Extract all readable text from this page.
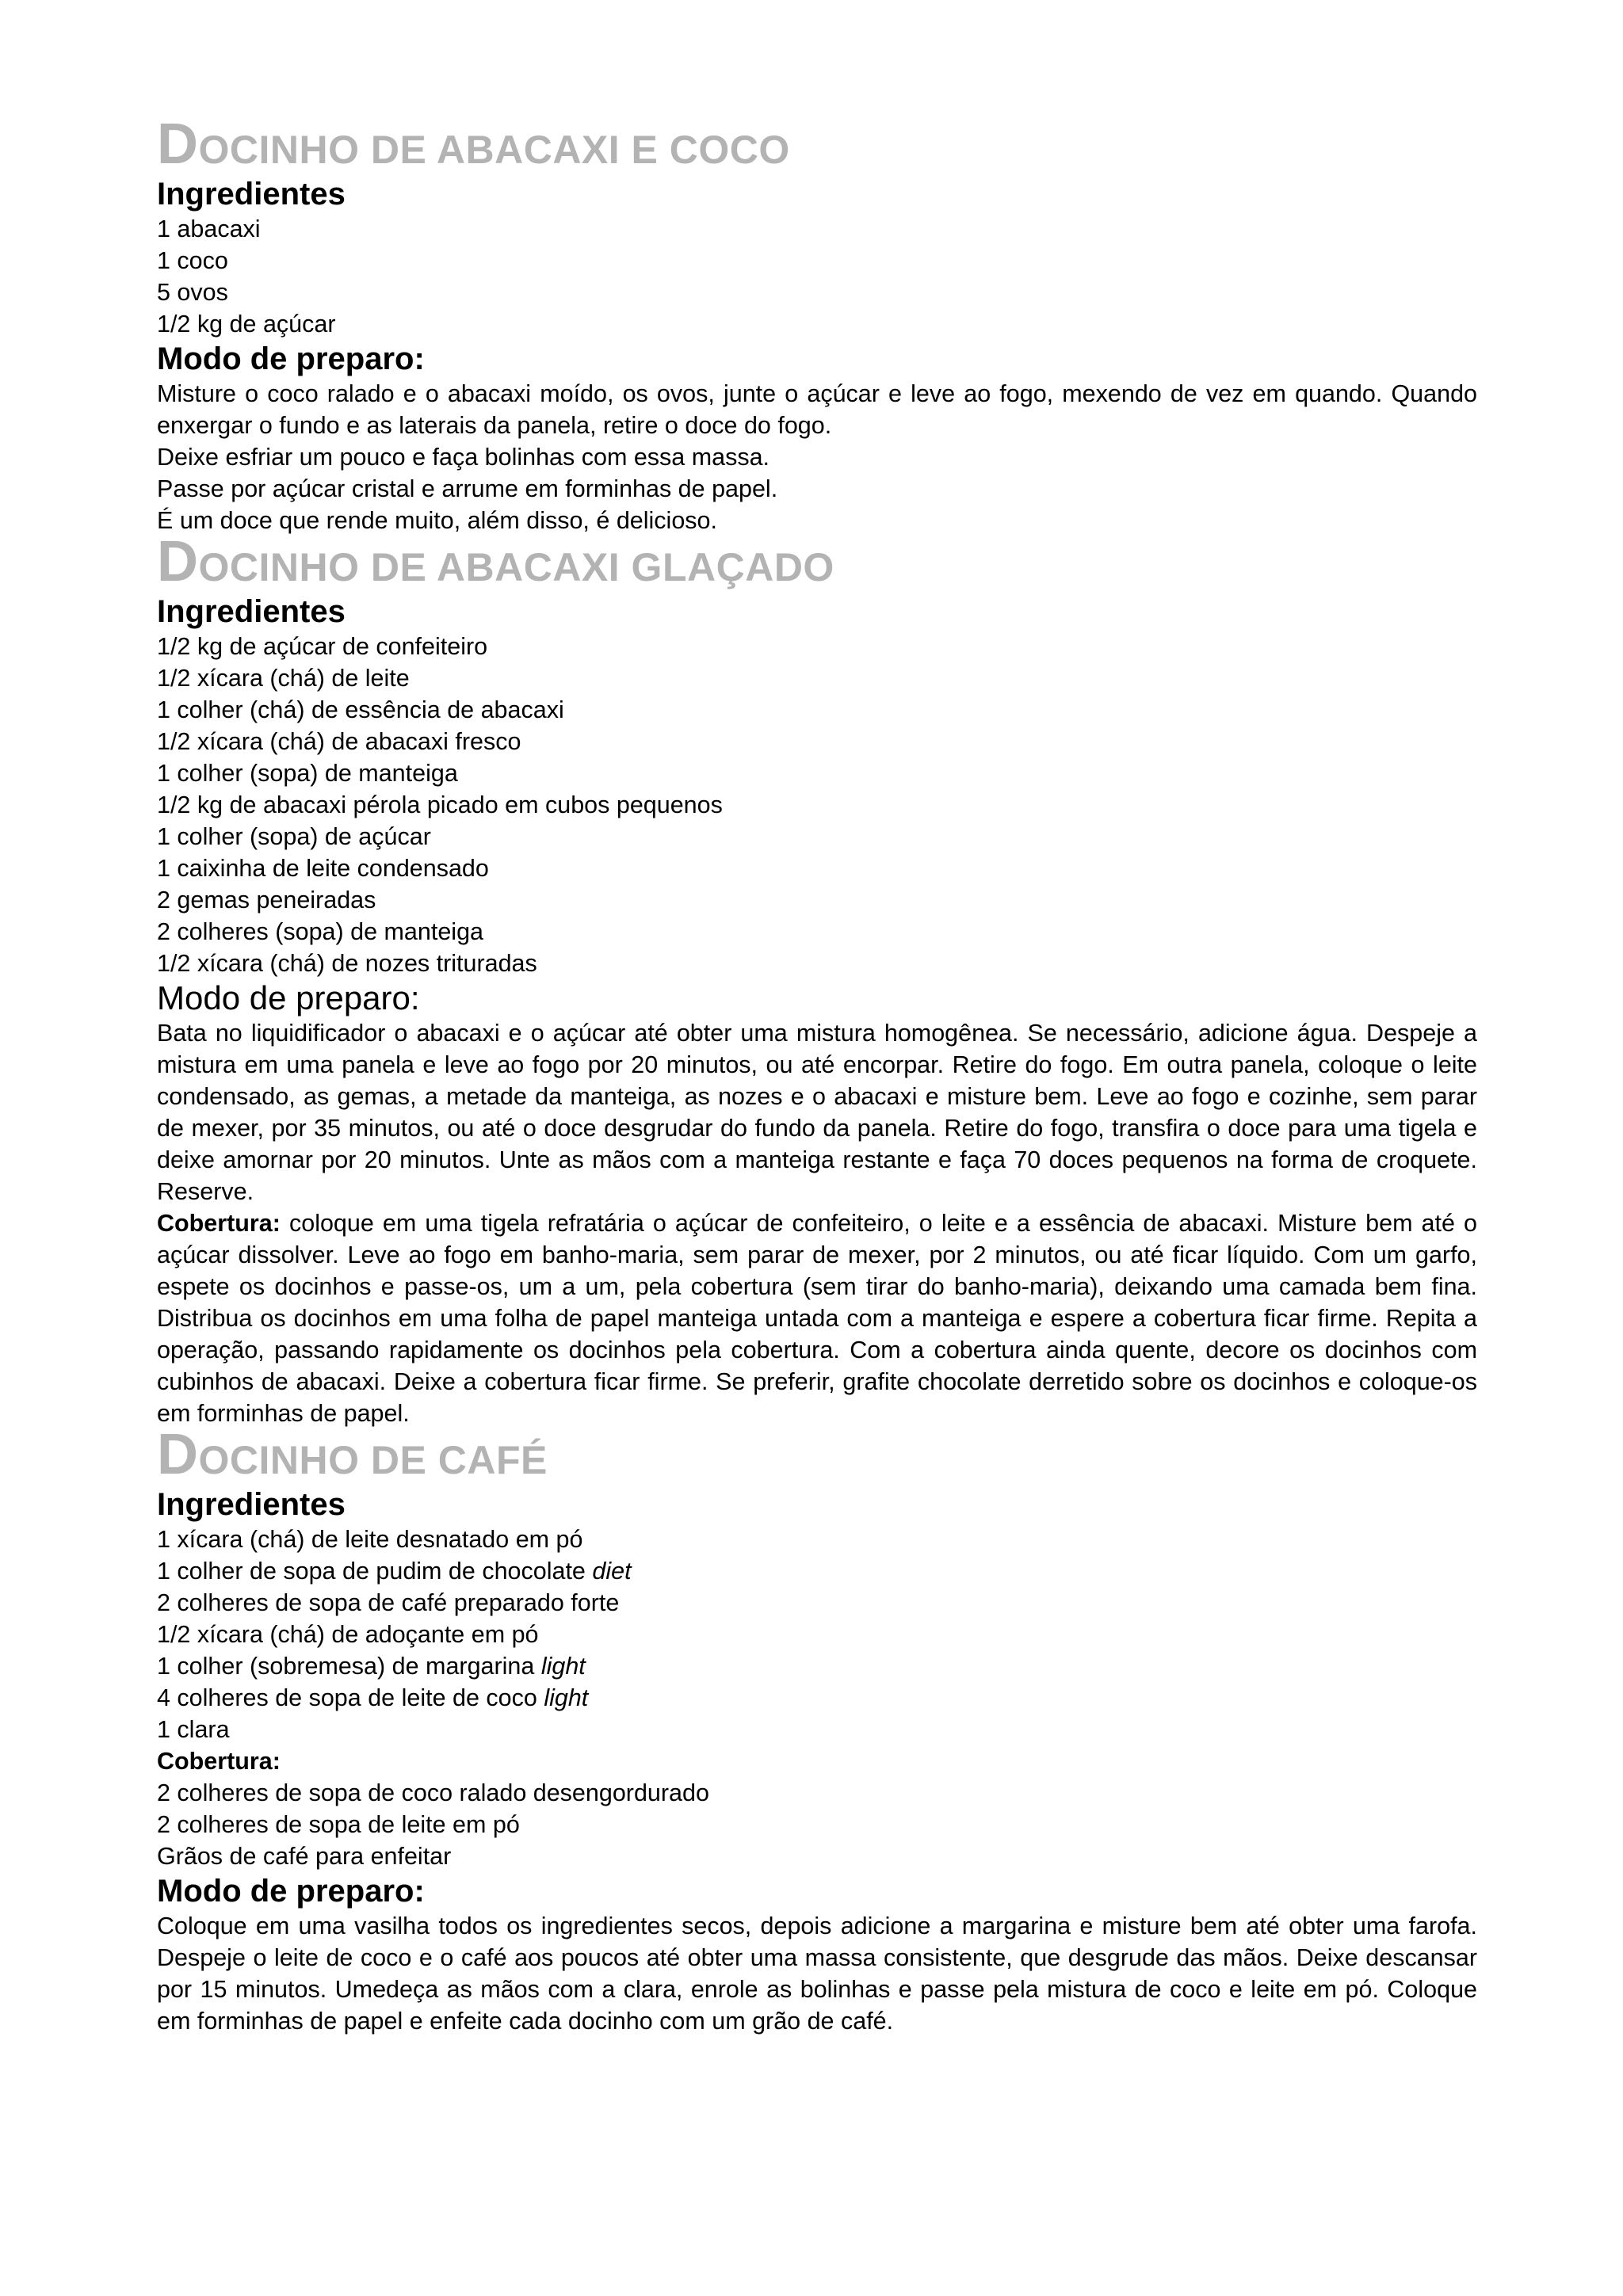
DOCINHO DE ABACAXI E COCO
Ingredientes

1 abacaxi

1 coco

5 ovos

1/2 kg de açúcar

Modo de preparo:

Misture o coco ralado e o abacaxi moído, os ovos, junte o açúcar e leve ao fogo, mexendo de vez em quando. Quando enxergar o fundo e as laterais da panela, retire o doce do fogo.

Deixe esfriar um pouco e faça bolinhas com essa massa.

Passe por açúcar cristal e arrume em forminhas de papel.

É um doce que rende muito, além disso, é delicioso.

DOCINHO DE ABACAXI GLAÇADO
Ingredientes

1/2 kg de açúcar de confeiteiro

1/2 xícara (chá) de leite

1 colher (chá) de essência de abacaxi

1/2 xícara (chá) de abacaxi fresco

1 colher (sopa) de manteiga

1/2 kg de abacaxi pérola picado em cubos pequenos

1 colher (sopa) de açúcar

1 caixinha de leite condensado

2 gemas peneiradas

2 colheres (sopa) de manteiga

1/2 xícara (chá) de nozes trituradas

Modo de preparo:

Bata no liquidificador o abacaxi e o açúcar até obter uma mistura homogênea. Se necessário, adicione água. Despeje a mistura em uma panela e leve ao fogo por 20 minutos, ou até encorpar. Retire do fogo. Em outra panela, coloque o leite condensado, as gemas, a metade da manteiga, as nozes e o abacaxi e misture bem. Leve ao fogo e cozinhe, sem parar de mexer, por 35 minutos, ou até o doce desgrudar do fundo da panela. Retire do fogo, transfira o doce para uma tigela e deixe amornar por 20 minutos. Unte as mãos com a manteiga restante e faça 70 doces pequenos na forma de croquete. Reserve.

Cobertura: coloque em uma tigela refratária o açúcar de confeiteiro, o leite e a essência de abacaxi. Misture bem até o açúcar dissolver. Leve ao fogo em banho-maria, sem parar de mexer, por 2 minutos, ou até ficar líquido. Com um garfo, espete os docinhos e passe-os, um a um, pela cobertura (sem tirar do banho-maria), deixando uma camada bem fina. Distribua os docinhos em uma folha de papel manteiga untada com a manteiga e espere a cobertura ficar firme. Repita a operação, passando rapidamente os docinhos pela cobertura. Com a cobertura ainda quente, decore os docinhos com cubinhos de abacaxi. Deixe a cobertura ficar firme. Se preferir, grafite chocolate derretido sobre os docinhos e coloque-os em forminhas de papel.

DOCINHO DE CAFÉ
Ingredientes

1 xícara (chá) de leite desnatado em pó

1 colher de sopa de pudim de chocolate diet

2 colheres de sopa de café preparado forte

1/2 xícara (chá) de adoçante em pó

1 colher (sobremesa) de margarina light

4 colheres de sopa de leite de coco light

1 clara

Cobertura:

2 colheres de sopa de coco ralado desengordurado

2 colheres de sopa de leite em pó

Grãos de café para enfeitar

Modo de preparo:

Coloque em uma vasilha todos os ingredientes secos, depois adicione a margarina e misture bem até obter uma farofa. Despeje o leite de coco e o café aos poucos até obter uma massa consistente, que desgrude das mãos. Deixe descansar por 15 minutos. Umedeça as mãos com a clara, enrole as bolinhas e passe pela mistura de coco e leite em pó. Coloque em forminhas de papel e enfeite cada docinho com um grão de café.
